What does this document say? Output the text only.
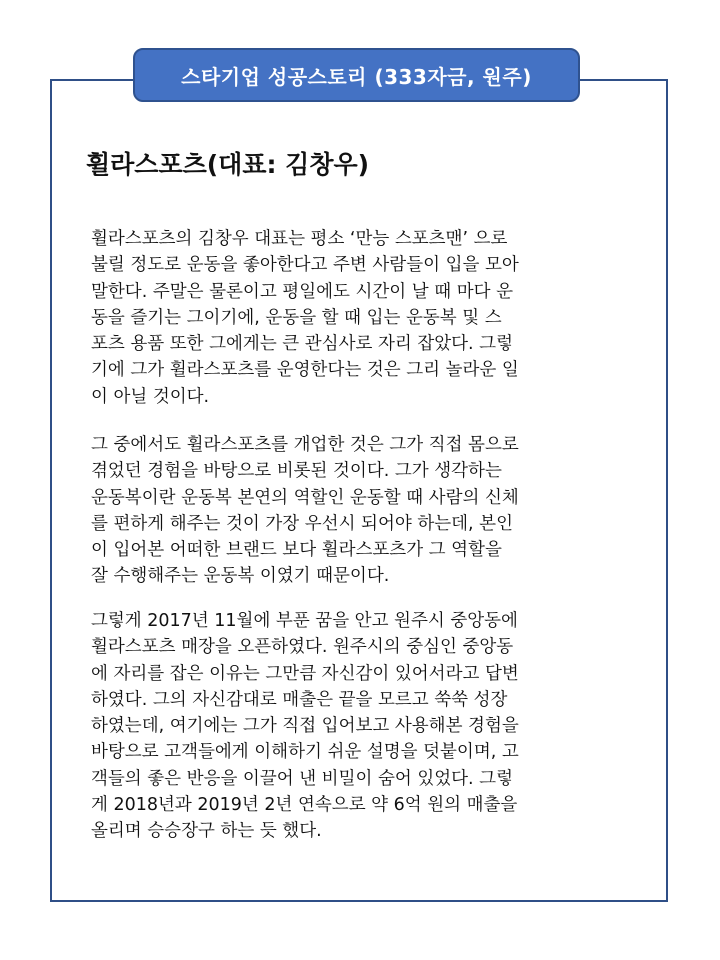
스타기업 성공스토리 (333자금, 원주)
휠라스포츠(대표: 김창우)
휠라스포츠의 김창우 대표는 평소 ‘만능 스포츠맨’ 으로
불릴 정도로 운동을 좋아한다고 주변 사람들이 입을 모아
말한다. 주말은 물론이고 평일에도 시간이 날 때 마다 운
동을 즐기는 그이기에, 운동을 할 때 입는 운동복 및 스
포츠 용품 또한 그에게는 큰 관심사로 자리 잡았다. 그렇
기에 그가 휠라스포츠를 운영한다는 것은 그리 놀라운 일
이 아닐 것이다.
그 중에서도 휠라스포츠를 개업한 것은 그가 직접 몸으로
겪었던 경험을 바탕으로 비롯된 것이다. 그가 생각하는
운동복이란 운동복 본연의 역할인 운동할 때 사람의 신체
를 편하게 해주는 것이 가장 우선시 되어야 하는데, 본인
이 입어본 어떠한 브랜드 보다 휠라스포츠가 그 역할을
잘 수행해주는 운동복 이였기 때문이다.
그렇게 2017년 11월에 부푼 꿈을 안고 원주시 중앙동에
휠라스포츠 매장을 오픈하였다. 원주시의 중심인 중앙동
에 자리를 잡은 이유는 그만큼 자신감이 있어서라고 답변
하였다. 그의 자신감대로 매출은 끝을 모르고 쑥쑥 성장
하였는데, 여기에는 그가 직접 입어보고 사용해본 경험을
바탕으로 고객들에게 이해하기 쉬운 설명을 덧붙이며, 고
객들의 좋은 반응을 이끌어 낸 비밀이 숨어 있었다. 그렇
게 2018년과 2019년 2년 연속으로 약 6억 원의 매출을
올리며 승승장구 하는 듯 했다.
